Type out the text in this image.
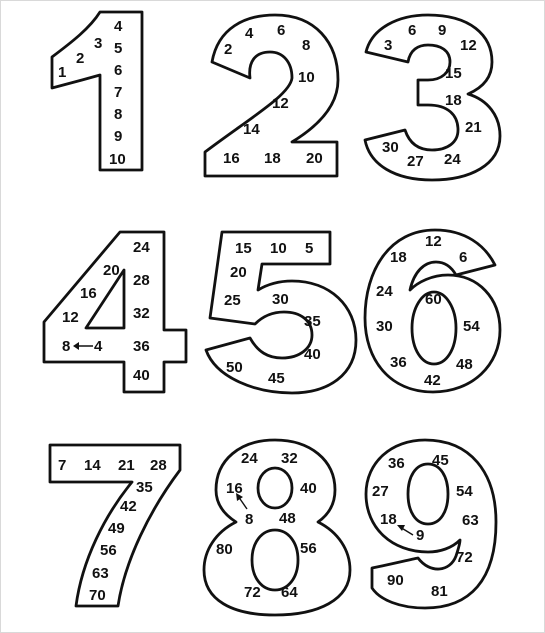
1
2
3
4
5
6
7
8
9
10
2
4 6
8
10
12
14
16 18 20
3
6 9
12
15
18
21
24
27
30
4
8
12
16
20
24
28
32
36
40
5
10
15
20
25 30
35
40
45
50
6
12
18
24
30
36
42
48
54
60
7 14 21 28
35
42
49
56
63
70
8
16
24 32
40
48
56
64
72
80
9
18
27
36 45
54
63
72
81
90
